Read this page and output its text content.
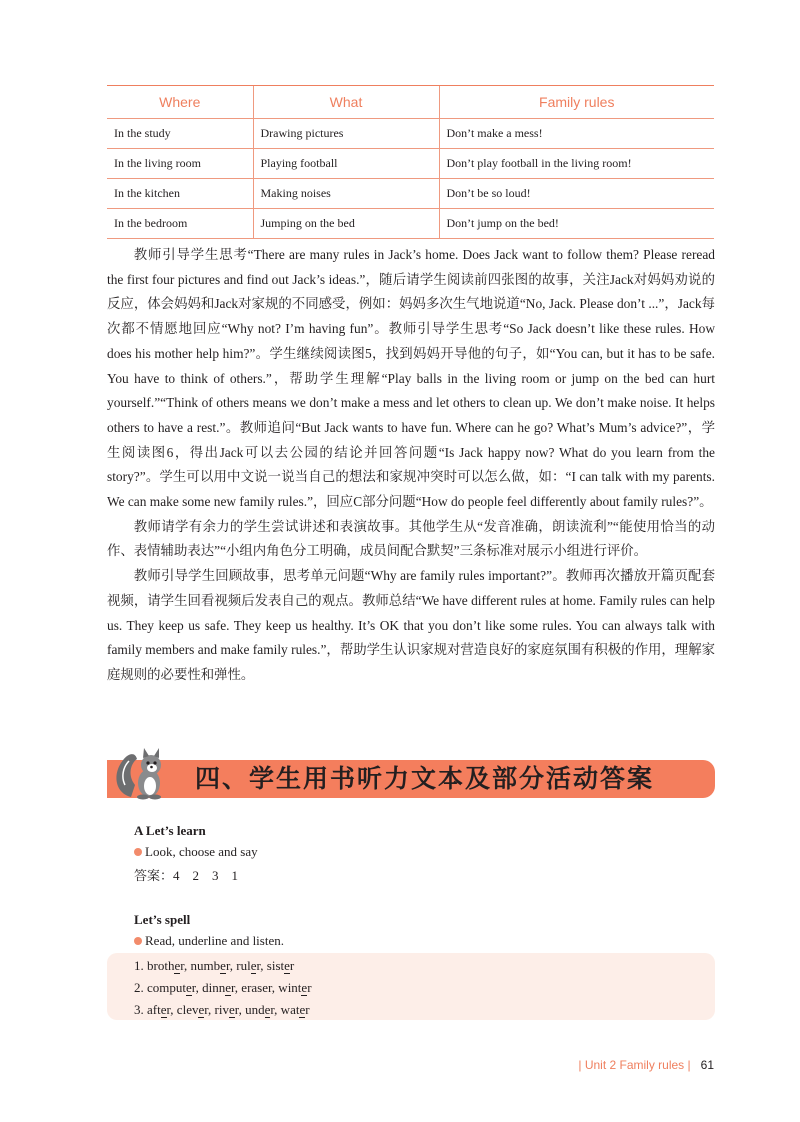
Where	What	Family rules
In the study	Drawing pictures	Don’t make a mess!
In the living room	Playing football	Don’t play football in the living room!
In the kitchen	Making noises	Don’t be so loud!
In the bedroom	Jumping on the bed	Don’t jump on the bed!

教师引导学生思考“There are many rules in Jack’s home. Does Jack want to follow them? Please reread the first four pictures and find out Jack’s ideas.”，随后请学生阅读前四张图的故事，关注Jack对妈妈劝说的反应，体会妈妈和Jack对家规的不同感受，例如：妈妈多次生气地说道“No, Jack. Please don’t ...”，Jack每次都不情愿地回应“Why not? I’m having fun”。教师引导学生思考“So Jack doesn’t like these rules. How does his mother help him?”。学生继续阅读图5，找到妈妈开导他的句子，如“You can, but it has to be safe. You have to think of others.”，帮助学生理解“Play balls in the living room or jump on the bed can hurt yourself.”“Think of others means we don’t make a mess and let others to clean up. We don’t make noise. It helps others to have a rest.”。教师追问“But Jack wants to have fun. Where can he go? What’s Mum’s advice?”，学生阅读图6，得出Jack可以去公园的结论并回答问题“Is Jack happy now? What do you learn from the story?”。学生可以用中文说一说当自己的想法和家规冲突时可以怎么做，如：“I can talk with my parents. We can make some new family rules.”，回应C部分问题“How do people feel differently about family rules?”。

教师请学有余力的学生尝试讲述和表演故事。其他学生从“发音准确，朗读流利”“能使用恰当的动作、表情辅助表达”“小组内角色分工明确，成员间配合默契”三条标准对展示小组进行评价。

教师引导学生回顾故事，思考单元问题“Why are family rules important?”。教师再次播放开篇页配套视频，请学生回看视频后发表自己的观点。教师总结“We have different rules at home. Family rules can help us. They keep us safe. They keep us healthy. It’s OK that you don’t like some rules. You can always talk with family members and make family rules.”，帮助学生认识家规对营造良好的家庭氛围有积极的作用，理解家庭规则的必要性和弹性。

四、学生用书听力文本及部分活动答案
A Let’s learn
Look, choose and say
答案：4　2　3　1
Let’s spell
Read, underline and listen.
1. brother, number, ruler, sister
2. computer, dinner, eraser, winter
3. after, clever, river, under, water
| Unit 2 Family rules | 61
